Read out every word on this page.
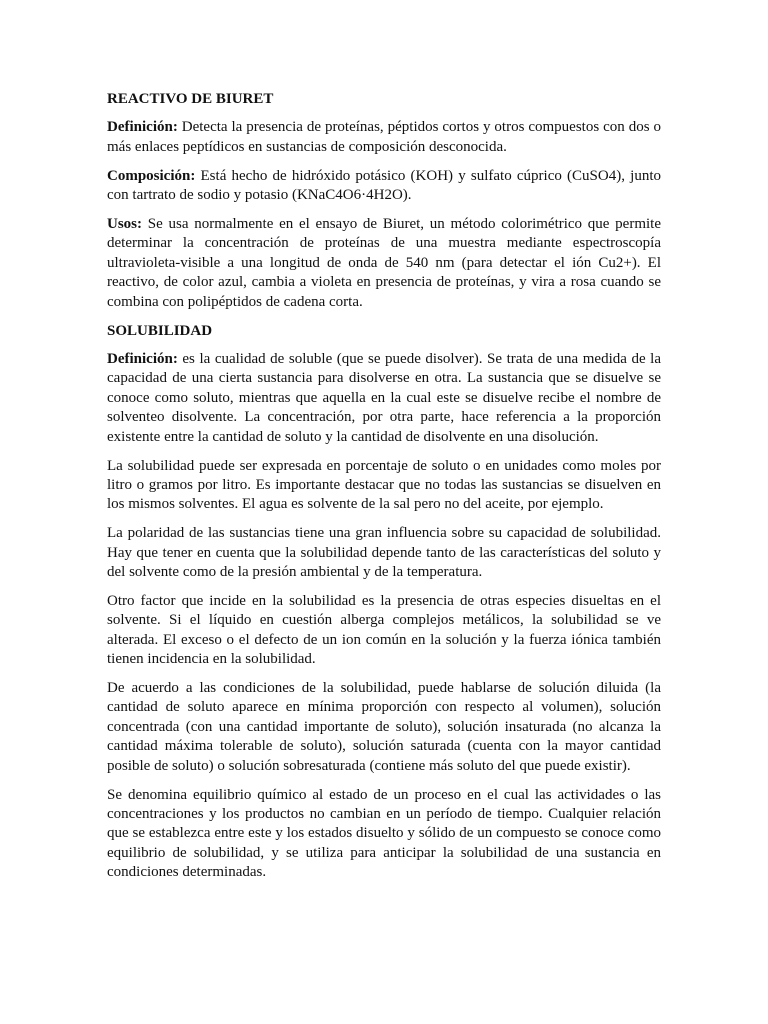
REACTIVO DE BIURET

Definición: Detecta la presencia de proteínas, péptidos cortos y otros compuestos con dos o más enlaces peptídicos en sustancias de composición desconocida.

Composición: Está hecho de hidróxido potásico (KOH) y sulfato cúprico (CuSO4), junto con tartrato de sodio y potasio (KNaC4O6·4H2O).

Usos: Se usa normalmente en el ensayo de Biuret, un método colorimétrico que permite determinar la concentración de proteínas de una muestra mediante espectroscopía ultravioleta-visible a una longitud de onda de 540 nm (para detectar el ión Cu2+). El reactivo, de color azul, cambia a violeta en presencia de proteínas, y vira a rosa cuando se combina con polipéptidos de cadena corta.

SOLUBILIDAD

Definición: es la cualidad de soluble (que se puede disolver). Se trata de una medida de la capacidad de una cierta sustancia para disolverse en otra. La sustancia que se disuelve se conoce como soluto, mientras que aquella en la cual este se disuelve recibe el nombre de solventeo disolvente. La concentración, por otra parte, hace referencia a la proporción existente entre la cantidad de soluto y la cantidad de disolvente en una disolución.

La solubilidad puede ser expresada en porcentaje de soluto o en unidades como moles por litro o gramos por litro. Es importante destacar que no todas las sustancias se disuelven en los mismos solventes. El agua es solvente de la sal pero no del aceite, por ejemplo.

La polaridad de las sustancias tiene una gran influencia sobre su capacidad de solubilidad. Hay que tener en cuenta que la solubilidad depende tanto de las características del soluto y del solvente como de la presión ambiental y de la temperatura.

Otro factor que incide en la solubilidad es la presencia de otras especies disueltas en el solvente. Si el líquido en cuestión alberga complejos metálicos, la solubilidad se ve alterada. El exceso o el defecto de un ion común en la solución y la fuerza iónica también tienen incidencia en la solubilidad.

De acuerdo a las condiciones de la solubilidad, puede hablarse de solución diluida (la cantidad de soluto aparece en mínima proporción con respecto al volumen), solución concentrada (con una cantidad importante de soluto), solución insaturada (no alcanza la cantidad máxima tolerable de soluto), solución saturada (cuenta con la mayor cantidad posible de soluto) o solución sobresaturada (contiene más soluto del que puede existir).

Se denomina equilibrio químico al estado de un proceso en el cual las actividades o las concentraciones y los productos no cambian en un período de tiempo. Cualquier relación que se establezca entre este y los estados disuelto y sólido de un compuesto se conoce como equilibrio de solubilidad, y se utiliza para anticipar la solubilidad de una sustancia en condiciones determinadas.
